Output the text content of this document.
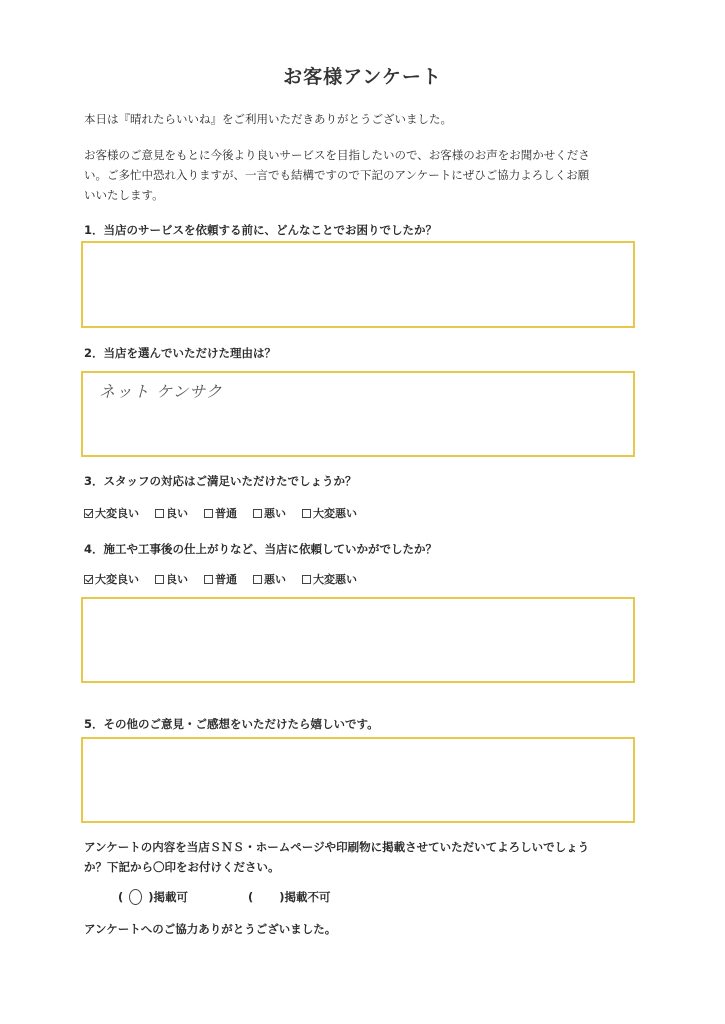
お客様アンケート
本日は『晴れたらいいね』をご利用いただきありがとうございました。
お客様のご意見をもとに今後より良いサービスを目指したいので、お客様のお声をお聞かせくださ
い。ご多忙中恐れ入りますが、一言でも結構ですので下記のアンケートにぜひご協力よろしくお願
いいたします。
1．当店のサービスを依頼する前に、どんなことでお困りでしたか？
2．当店を選んでいただけた理由は？
ネット ケンサク
3．スタッフの対応はご満足いただけたでしょうか？
大変良い 良い 普通 悪い 大変悪い
4．施工や工事後の仕上がりなど、当店に依頼していかがでしたか？
大変良い 良い 普通 悪い 大変悪い
5．その他のご意見・ご感想をいただけたら嬉しいです。
アンケートの内容を当店ＳＮＳ・ホームページや印刷物に掲載させていただいてよろしいでしょう
か？下記から〇印をお付けください。
( ○ )掲載可	( )掲載不可
アンケートへのご協力ありがとうございました。
